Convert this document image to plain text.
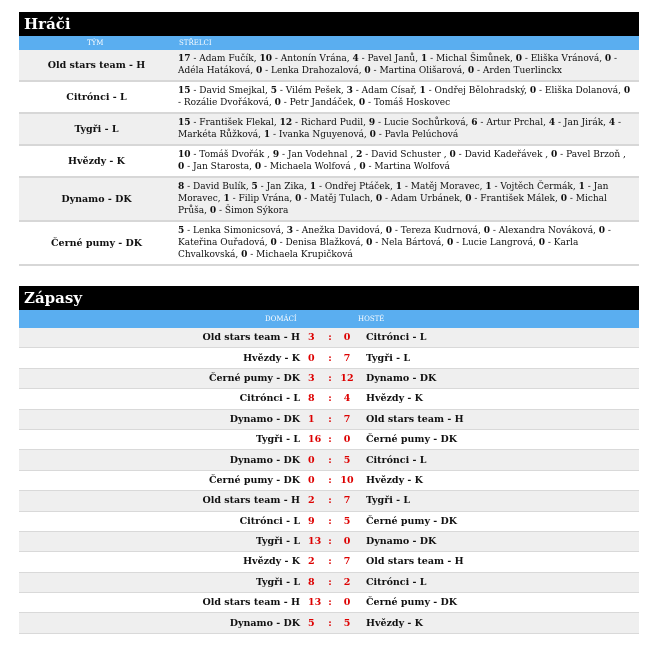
Hráči
TÝM	STŘELCI
Old stars team - H
17 - Adam Fučík, 10 - Antonín Vrána, 4 - Pavel Janů, 1 - Michal Šimůnek, 0 - Eliška Vránová, 0 - Adéla Hatáková, 0 - Lenka Drahozalová, 0 - Martina Olišarová, 0 - Arden Tuerlinckx
Citrónci - L
15 - David Smejkal, 5 - Vilém Pešek, 3 - Adam Císař, 1 - Ondřej Bělohradský, 0 - Eliška Dolanová, 0 - Rozálie Dvořáková, 0 - Petr Jandáček, 0 - Tomáš Hoskovec
Tygři - L
15 - František Flekal, 12 - Richard Pudil, 9 - Lucie Sochůrková, 6 - Artur Prchal, 4 - Jan Jirák, 4 - Markéta Růžková, 1 - Ivanka Nguyenová, 0 - Pavla Pelúchová
Hvězdy - K
10 - Tomáš Dvořák , 9 - Jan Vodehnal , 2 - David Schuster , 0 - David Kadeřávek , 0 - Pavel Brzoň , 0 - Jan Starosta, 0 - Michaela Wolfová , 0 - Martina Wolfová
Dynamo - DK
8 - David Bulík, 5 - Jan Zika, 1 - Ondřej Ptáček, 1 - Matěj Moravec, 1 - Vojtěch Čermák, 1 - Jan Moravec, 1 - Filip Vrána, 0 - Matěj Tulach, 0 - Adam Urbánek, 0 - František Málek, 0 - Michal Průša, 0 - Šimon Sýkora
Černé pumy - DK
5 - Lenka Simonicsová, 3 - Anežka Davidová, 0 - Tereza Kudrnová, 0 - Alexandra Nováková, 0 - Kateřina Ouřadová, 0 - Denisa Blažková, 0 - Nela Bártová, 0 - Lucie Langrová, 0 - Karla Chvalkovská, 0 - Michaela Krupičková
Zápasy
DOMÁCÍ	HOSTÉ
Old stars team - H 3	:	0	Citrónci - L
Hvězdy - K 0	:	7	Tygři - L
Černé pumy - DK 3	: 12	Dynamo - DK
Citrónci - L 8	:	4	Hvězdy - K
Dynamo - DK 1	:	7	Old stars team - H
Tygři - L 16 :	0	Černé pumy - DK
Dynamo - DK 0	:	5	Citrónci - L
Černé pumy - DK 0	: 10	Hvězdy - K
Old stars team - H 2	:	7	Tygři - L
Citrónci - L 9	:	5	Černé pumy - DK
Tygři - L 13 :	0	Dynamo - DK
Hvězdy - K 2	:	7	Old stars team - H
Tygři - L 8	:	2	Citrónci - L
Old stars team - H 13 :	0	Černé pumy - DK
Dynamo - DK 5	:	5	Hvězdy - K
